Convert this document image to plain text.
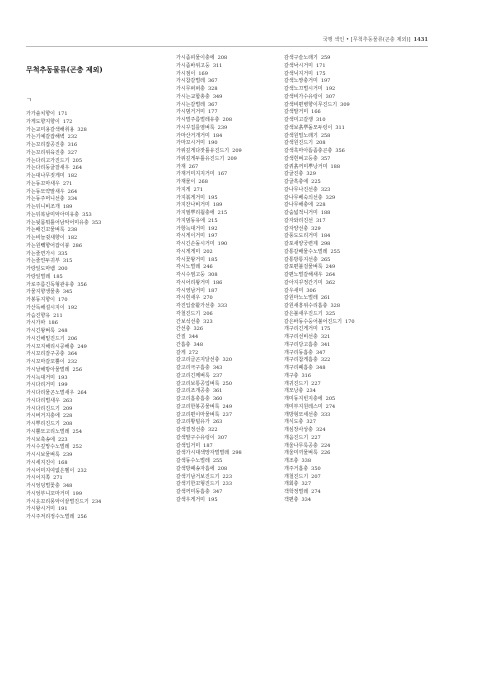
국행 색인 • [무척추동물류(곤충 제외)] 1431
무척추동물류(곤충 제외)
ㄱ
가가솔치향이 171
가게도향지향이 172
가는교미용갈색해취용 328
가는기예갈잡해벽 232
가는꼬리잡공진충 316
가는꼬리위육진충 327
가는다리고가진드기 205
가는다리동굴잘새우 264
가는대나무짓게미 182
가는동꼬마새우 271
가는동모약말새우 264
가는동주머니선충 334
가는뒤니비조개 189
가는뒤복남미악아미유충 353
가는뒷몸뭐틀어남악어미유충 353
가는배긴꼬물벼룩 238
가는비늘쥣새향이 182
가는원쀄향어잡이붕 286
가는줄면가시 335
가는줄얀두귀부 315
가랑잎도마뱀 200
가랑잎벌레 185
가로주름긴독형관유충 356
가물지향생물총 345
가봉동지향이 170
가산독해설시지이 192
가슴진향유 211
가시가파 186
가시긴왕벼룩 248
가시긴해밑진드기 206
가시꼬지해리시공해충 249
가시꼬리잘구공충 364
가시꼬마갈꼬뿔이 232
가시날해방아물벌레 256
가시늑대거미 193
가시다리거미 199
가시다리물곤노벌새우 264
가시다리벌새우 263
가시다리진드기 209
가시버거지충에 228
가시뿌리진드기 208
가시뿔모고리노벌레 254
가시보축송에 223
가시수깊망수노벌레 252
가시시보물벼룩 239
가시세지진이 168
가시어미지여없은벨이 232
가시어지쪽 271
가시엉덩벌꽃충 348
가시엉부니꼬마거미 199
가시옷꼬리몽악이끝벌진드기 234
가시왕시거미 191
가시주저리정수노벌레 256
가시좀피물이충에 208
가시좀바위고둥 311
가시점이 169
가시참갈벌레 367
가시무퍼퍼충 328
가시는교합총충 349
가시는갈벌레 367
가시범거거미 177
가시벌주름벌레유충 208
가시꾸집를염벼룩 239
가마산거개거미 184
가마꼬시거미 190
가위깊게다잣틀유진드기 209
가위깊게두틀유진드기 209
가재 267
가재거미지지거미 167
가재물이 268
가지게 271
가지볶게거미 195
가지잔나비거미 189
가지필뿌리웜충에 215
가지범동유에 215
가항늑대거미 192
각시게이거미 197
각시긴손돌시거미 190
각시게게미 202
각시꽃왕거미 185
각시노벌레 246
각시수염고둥 308
각시어리왕거미 186
각시영남거미 187
각시흰새우 270
각진입술활가선충 333
각철진드기 206
간보석선충 323
간선충 326
간질 344
간흡충 348
갈게 272
갈고리글곤지달선충 320
갈고리극구흡충 343
갈고리긴께벼룩 237
갈고리보통공업벼룩 250
갈고리조개공충 361
갈고리흡충흡충 360
갈고리한봉공물벼룩 249
갈고리편이마물벼룩 237
갈고리황털유가 263
갈색결정선충 322
갈색말구수유렁이 307
갈색입거미 187
갈색가시대색망자벌벌레 298
갈색동수노벌레 255
갈색방패송자흡에 208
갈색기남거보진드기 223
갈색기한꼬형진드기 233
갈색꺼미동흡충 347
갈색우게거미 195
감색구슬노래기 259
갈색낙시거미 171
갈색닉지거미 175
갈색노짱충거미 197
갈색노끄벌시거미 192
갈색비가수유렁이 307
갈색비편병향이무진드기 309
갈색말거미 166
갈색미고갈쟁 310
갈색보흙뿌돌모두렁이 311
갈색원밀노래기 258
갈색원진드기 208
갈색혹마아뜸좀충곤충 356
갈색흰벼고등충 357
갈퀴흙꺼미뿌낭거미 188
갈굴진충 329
갈굴흑충에 225
갈나무나진선충 323
갈나무베숙의선충 329
갈나무해충에 228
갈숨넓적니거미 188
갈자와리진선 317
갈자양선충 329
갈풍도도리거미 184
갈포새양궁련제 298
갈통갈배물수노벌레 255
갈통방통지선충 265
갈포편불걸물벼룩 249
갈편노벌갈해새우 264
갈아지꾸정간기미 362
갈우새미 306
갈원마노노벌레 261
갈원새흥위수리흡충 328
갈은불새우진드기 325
갈은바동수둥어불어진드기 170
개구리긴게거미 175
개구리선비선충 321
개구리당고흡충 341
개구리동흡충 347
개구리참게흡충 322
개구리폐흡충 348
개구충 316
개귀진드기 227
개모낭충 234
개미동지빈지충에 205
개미부지원레스미 274
개방형모세선충 333
개식도충 327
개심장사상충 324
개옴진드기 227
개울나무룩공충 224
개울미끼물벼룩 226
개조충 338
개주거흡충 350
개철진드기 207
개회충 327
객학정벌레 274
객편충 334
